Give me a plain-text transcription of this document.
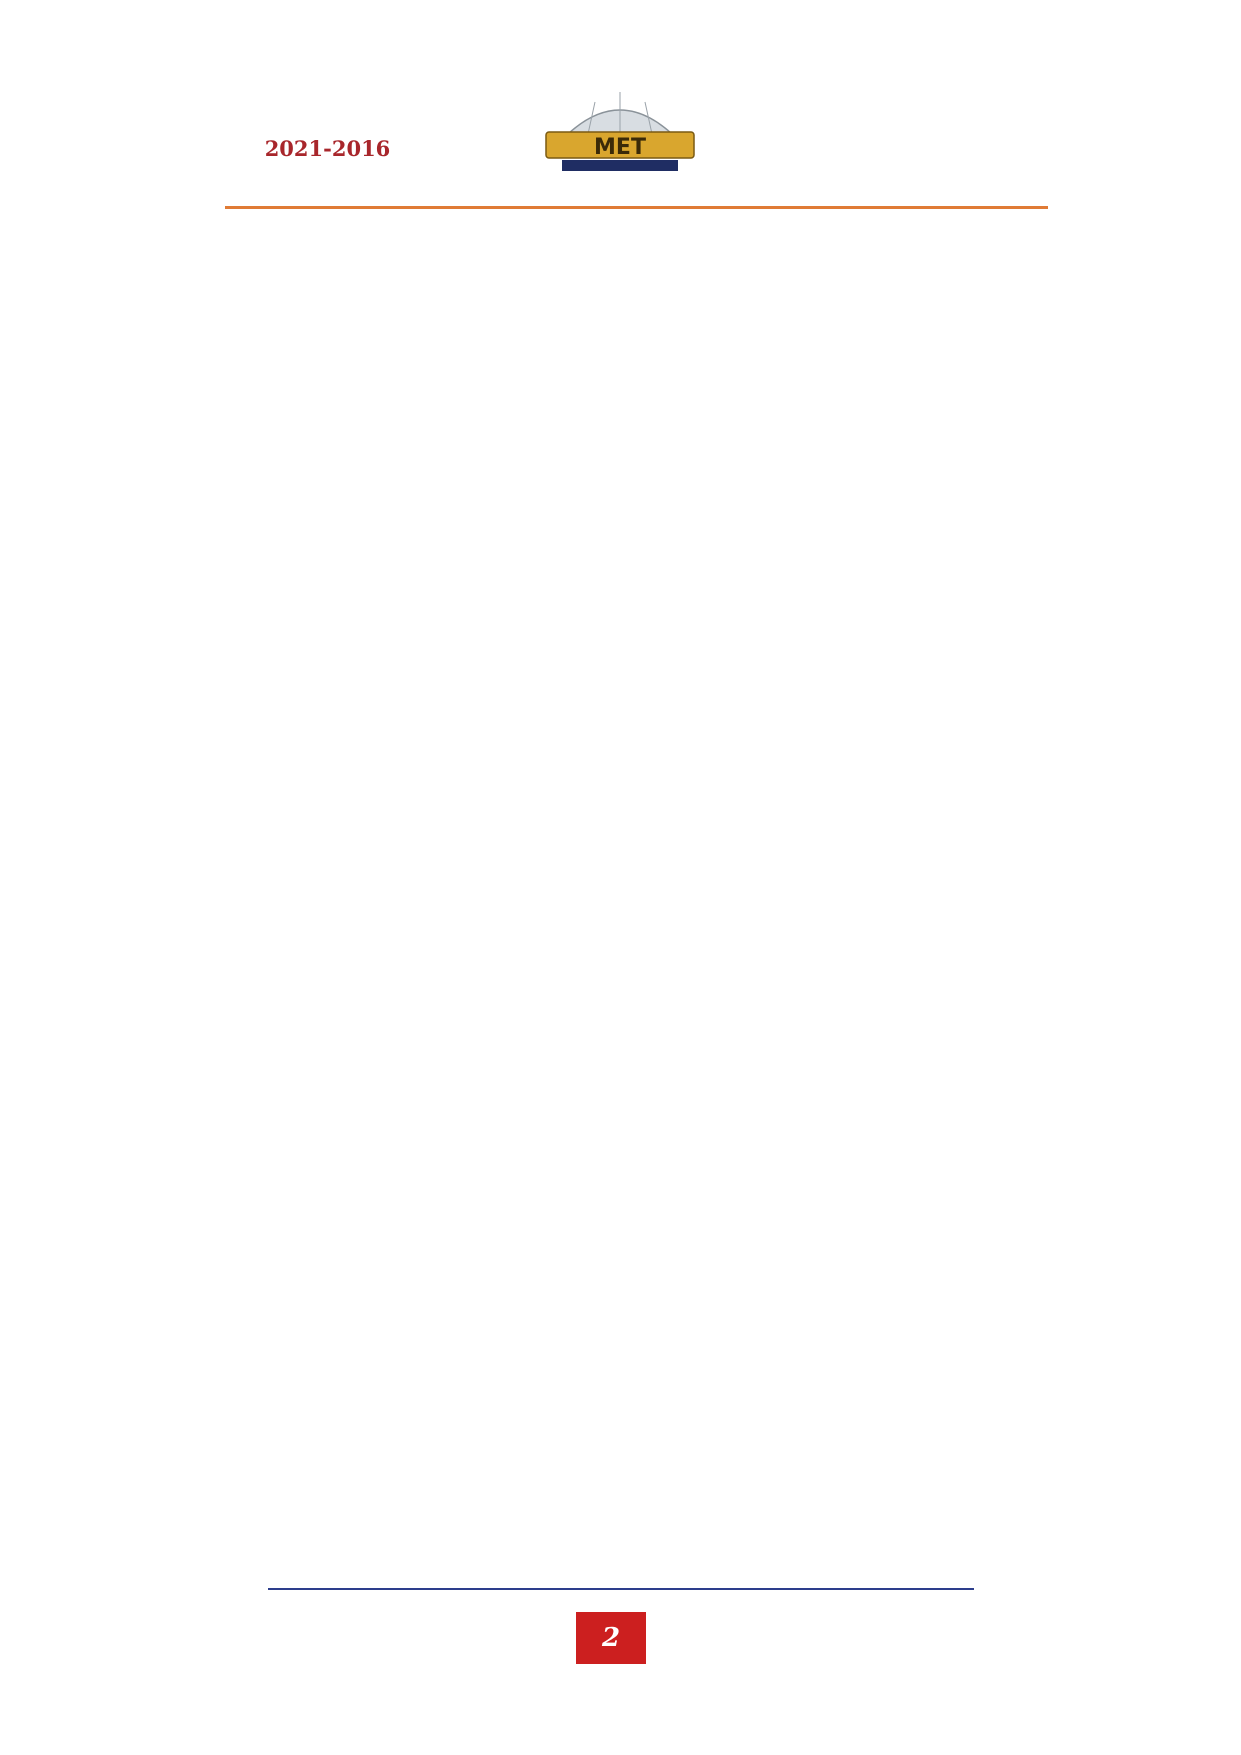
MET
2021-2016

2
